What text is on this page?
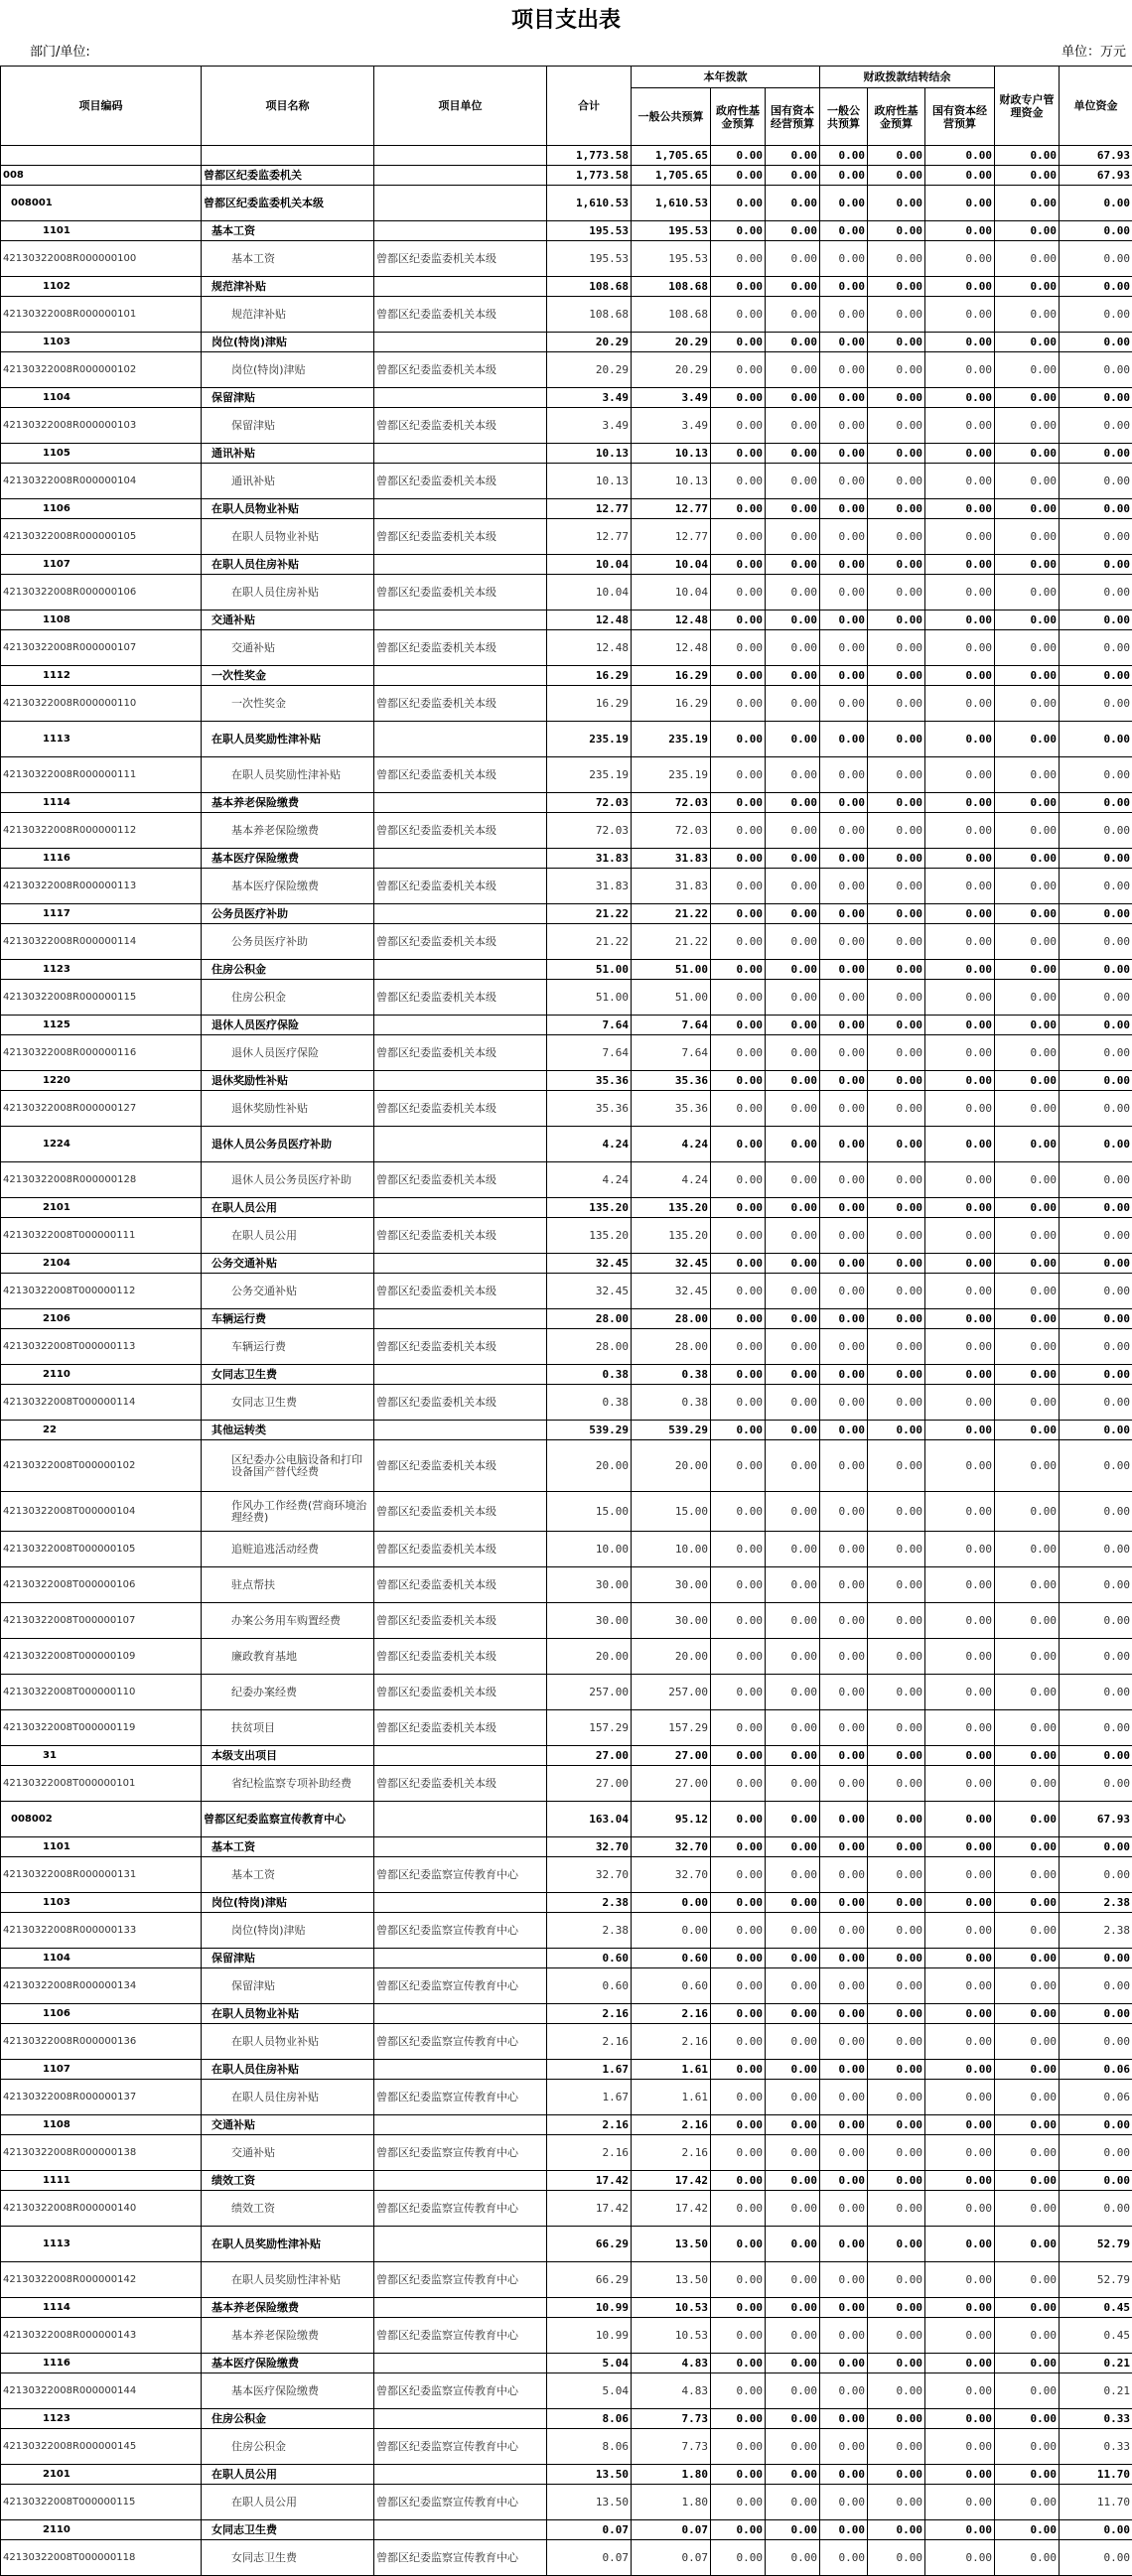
项目支出表
部门/单位:	单位：万元
项目编码	项目名称	项目单位	合计	本年拨款			财政拨款结转结余			财政专户管理资金	单位资金
				一般公共预算	政府性基金预算	国有资本经营预算	一般公共预算	政府性基金预算	国有资本经营预算		
			1,773.58	1,705.65	0.00	0.00	0.00	0.00	0.00	0.00	67.93
008	曾都区纪委监委机关		1,773.58	1,705.65	0.00	0.00	0.00	0.00	0.00	0.00	67.93
008001	曾都区纪委监委机关本级		1,610.53	1,610.53	0.00	0.00	0.00	0.00	0.00	0.00	0.00
1101	基本工资		195.53	195.53	0.00	0.00	0.00	0.00	0.00	0.00	0.00
42130322008R000000100	基本工资	曾都区纪委监委机关本级	195.53	195.53	0.00	0.00	0.00	0.00	0.00	0.00	0.00
1102	规范津补贴		108.68	108.68	0.00	0.00	0.00	0.00	0.00	0.00	0.00
42130322008R000000101	规范津补贴	曾都区纪委监委机关本级	108.68	108.68	0.00	0.00	0.00	0.00	0.00	0.00	0.00
1103	岗位(特岗)津贴		20.29	20.29	0.00	0.00	0.00	0.00	0.00	0.00	0.00
42130322008R000000102	岗位(特岗)津贴	曾都区纪委监委机关本级	20.29	20.29	0.00	0.00	0.00	0.00	0.00	0.00	0.00
1104	保留津贴		3.49	3.49	0.00	0.00	0.00	0.00	0.00	0.00	0.00
42130322008R000000103	保留津贴	曾都区纪委监委机关本级	3.49	3.49	0.00	0.00	0.00	0.00	0.00	0.00	0.00
1105	通讯补贴		10.13	10.13	0.00	0.00	0.00	0.00	0.00	0.00	0.00
42130322008R000000104	通讯补贴	曾都区纪委监委机关本级	10.13	10.13	0.00	0.00	0.00	0.00	0.00	0.00	0.00
1106	在职人员物业补贴		12.77	12.77	0.00	0.00	0.00	0.00	0.00	0.00	0.00
42130322008R000000105	在职人员物业补贴	曾都区纪委监委机关本级	12.77	12.77	0.00	0.00	0.00	0.00	0.00	0.00	0.00
1107	在职人员住房补贴		10.04	10.04	0.00	0.00	0.00	0.00	0.00	0.00	0.00
42130322008R000000106	在职人员住房补贴	曾都区纪委监委机关本级	10.04	10.04	0.00	0.00	0.00	0.00	0.00	0.00	0.00
1108	交通补贴		12.48	12.48	0.00	0.00	0.00	0.00	0.00	0.00	0.00
42130322008R000000107	交通补贴	曾都区纪委监委机关本级	12.48	12.48	0.00	0.00	0.00	0.00	0.00	0.00	0.00
1112	一次性奖金		16.29	16.29	0.00	0.00	0.00	0.00	0.00	0.00	0.00
42130322008R000000110	一次性奖金	曾都区纪委监委机关本级	16.29	16.29	0.00	0.00	0.00	0.00	0.00	0.00	0.00
1113	在职人员奖励性津补贴		235.19	235.19	0.00	0.00	0.00	0.00	0.00	0.00	0.00
42130322008R000000111	在职人员奖励性津补贴	曾都区纪委监委机关本级	235.19	235.19	0.00	0.00	0.00	0.00	0.00	0.00	0.00
1114	基本养老保险缴费		72.03	72.03	0.00	0.00	0.00	0.00	0.00	0.00	0.00
42130322008R000000112	基本养老保险缴费	曾都区纪委监委机关本级	72.03	72.03	0.00	0.00	0.00	0.00	0.00	0.00	0.00
1116	基本医疗保险缴费		31.83	31.83	0.00	0.00	0.00	0.00	0.00	0.00	0.00
42130322008R000000113	基本医疗保险缴费	曾都区纪委监委机关本级	31.83	31.83	0.00	0.00	0.00	0.00	0.00	0.00	0.00
1117	公务员医疗补助		21.22	21.22	0.00	0.00	0.00	0.00	0.00	0.00	0.00
42130322008R000000114	公务员医疗补助	曾都区纪委监委机关本级	21.22	21.22	0.00	0.00	0.00	0.00	0.00	0.00	0.00
1123	住房公积金		51.00	51.00	0.00	0.00	0.00	0.00	0.00	0.00	0.00
42130322008R000000115	住房公积金	曾都区纪委监委机关本级	51.00	51.00	0.00	0.00	0.00	0.00	0.00	0.00	0.00
1125	退休人员医疗保险		7.64	7.64	0.00	0.00	0.00	0.00	0.00	0.00	0.00
42130322008R000000116	退休人员医疗保险	曾都区纪委监委机关本级	7.64	7.64	0.00	0.00	0.00	0.00	0.00	0.00	0.00
1220	退休奖励性补贴		35.36	35.36	0.00	0.00	0.00	0.00	0.00	0.00	0.00
42130322008R000000127	退休奖励性补贴	曾都区纪委监委机关本级	35.36	35.36	0.00	0.00	0.00	0.00	0.00	0.00	0.00
1224	退休人员公务员医疗补助		4.24	4.24	0.00	0.00	0.00	0.00	0.00	0.00	0.00
42130322008R000000128	退休人员公务员医疗补助	曾都区纪委监委机关本级	4.24	4.24	0.00	0.00	0.00	0.00	0.00	0.00	0.00
2101	在职人员公用		135.20	135.20	0.00	0.00	0.00	0.00	0.00	0.00	0.00
42130322008T000000111	在职人员公用	曾都区纪委监委机关本级	135.20	135.20	0.00	0.00	0.00	0.00	0.00	0.00	0.00
2104	公务交通补贴		32.45	32.45	0.00	0.00	0.00	0.00	0.00	0.00	0.00
42130322008T000000112	公务交通补贴	曾都区纪委监委机关本级	32.45	32.45	0.00	0.00	0.00	0.00	0.00	0.00	0.00
2106	车辆运行费		28.00	28.00	0.00	0.00	0.00	0.00	0.00	0.00	0.00
42130322008T000000113	车辆运行费	曾都区纪委监委机关本级	28.00	28.00	0.00	0.00	0.00	0.00	0.00	0.00	0.00
2110	女同志卫生费		0.38	0.38	0.00	0.00	0.00	0.00	0.00	0.00	0.00
42130322008T000000114	女同志卫生费	曾都区纪委监委机关本级	0.38	0.38	0.00	0.00	0.00	0.00	0.00	0.00	0.00
22	其他运转类		539.29	539.29	0.00	0.00	0.00	0.00	0.00	0.00	0.00
42130322008T000000102	区纪委办公电脑设备和打印设备国产替代经费	曾都区纪委监委机关本级	20.00	20.00	0.00	0.00	0.00	0.00	0.00	0.00	0.00
42130322008T000000104	作风办工作经费(营商环境治理经费)	曾都区纪委监委机关本级	15.00	15.00	0.00	0.00	0.00	0.00	0.00	0.00	0.00
42130322008T000000105	追赃追逃活动经费	曾都区纪委监委机关本级	10.00	10.00	0.00	0.00	0.00	0.00	0.00	0.00	0.00
42130322008T000000106	驻点帮扶	曾都区纪委监委机关本级	30.00	30.00	0.00	0.00	0.00	0.00	0.00	0.00	0.00
42130322008T000000107	办案公务用车购置经费	曾都区纪委监委机关本级	30.00	30.00	0.00	0.00	0.00	0.00	0.00	0.00	0.00
42130322008T000000109	廉政教育基地	曾都区纪委监委机关本级	20.00	20.00	0.00	0.00	0.00	0.00	0.00	0.00	0.00
42130322008T000000110	纪委办案经费	曾都区纪委监委机关本级	257.00	257.00	0.00	0.00	0.00	0.00	0.00	0.00	0.00
42130322008T000000119	扶贫项目	曾都区纪委监委机关本级	157.29	157.29	0.00	0.00	0.00	0.00	0.00	0.00	0.00
31	本级支出项目		27.00	27.00	0.00	0.00	0.00	0.00	0.00	0.00	0.00
42130322008T000000101	省纪检监察专项补助经费	曾都区纪委监委机关本级	27.00	27.00	0.00	0.00	0.00	0.00	0.00	0.00	0.00
008002	曾都区纪委监察宣传教育中心		163.04	95.12	0.00	0.00	0.00	0.00	0.00	0.00	67.93
1101	基本工资		32.70	32.70	0.00	0.00	0.00	0.00	0.00	0.00	0.00
42130322008R000000131	基本工资	曾都区纪委监察宣传教育中心	32.70	32.70	0.00	0.00	0.00	0.00	0.00	0.00	0.00
1103	岗位(特岗)津贴		2.38	0.00	0.00	0.00	0.00	0.00	0.00	0.00	2.38
42130322008R000000133	岗位(特岗)津贴	曾都区纪委监察宣传教育中心	2.38	0.00	0.00	0.00	0.00	0.00	0.00	0.00	2.38
1104	保留津贴		0.60	0.60	0.00	0.00	0.00	0.00	0.00	0.00	0.00
42130322008R000000134	保留津贴	曾都区纪委监察宣传教育中心	0.60	0.60	0.00	0.00	0.00	0.00	0.00	0.00	0.00
1106	在职人员物业补贴		2.16	2.16	0.00	0.00	0.00	0.00	0.00	0.00	0.00
42130322008R000000136	在职人员物业补贴	曾都区纪委监察宣传教育中心	2.16	2.16	0.00	0.00	0.00	0.00	0.00	0.00	0.00
1107	在职人员住房补贴		1.67	1.61	0.00	0.00	0.00	0.00	0.00	0.00	0.06
42130322008R000000137	在职人员住房补贴	曾都区纪委监察宣传教育中心	1.67	1.61	0.00	0.00	0.00	0.00	0.00	0.00	0.06
1108	交通补贴		2.16	2.16	0.00	0.00	0.00	0.00	0.00	0.00	0.00
42130322008R000000138	交通补贴	曾都区纪委监察宣传教育中心	2.16	2.16	0.00	0.00	0.00	0.00	0.00	0.00	0.00
1111	绩效工资		17.42	17.42	0.00	0.00	0.00	0.00	0.00	0.00	0.00
42130322008R000000140	绩效工资	曾都区纪委监察宣传教育中心	17.42	17.42	0.00	0.00	0.00	0.00	0.00	0.00	0.00
1113	在职人员奖励性津补贴		66.29	13.50	0.00	0.00	0.00	0.00	0.00	0.00	52.79
42130322008R000000142	在职人员奖励性津补贴	曾都区纪委监察宣传教育中心	66.29	13.50	0.00	0.00	0.00	0.00	0.00	0.00	52.79
1114	基本养老保险缴费		10.99	10.53	0.00	0.00	0.00	0.00	0.00	0.00	0.45
42130322008R000000143	基本养老保险缴费	曾都区纪委监察宣传教育中心	10.99	10.53	0.00	0.00	0.00	0.00	0.00	0.00	0.45
1116	基本医疗保险缴费		5.04	4.83	0.00	0.00	0.00	0.00	0.00	0.00	0.21
42130322008R000000144	基本医疗保险缴费	曾都区纪委监察宣传教育中心	5.04	4.83	0.00	0.00	0.00	0.00	0.00	0.00	0.21
1123	住房公积金		8.06	7.73	0.00	0.00	0.00	0.00	0.00	0.00	0.33
42130322008R000000145	住房公积金	曾都区纪委监察宣传教育中心	8.06	7.73	0.00	0.00	0.00	0.00	0.00	0.00	0.33
2101	在职人员公用		13.50	1.80	0.00	0.00	0.00	0.00	0.00	0.00	11.70
42130322008T000000115	在职人员公用	曾都区纪委监察宣传教育中心	13.50	1.80	0.00	0.00	0.00	0.00	0.00	0.00	11.70
2110	女同志卫生费		0.07	0.07	0.00	0.00	0.00	0.00	0.00	0.00	0.00
42130322008T000000118	女同志卫生费	曾都区纪委监察宣传教育中心	0.07	0.07	0.00	0.00	0.00	0.00	0.00	0.00	0.00
